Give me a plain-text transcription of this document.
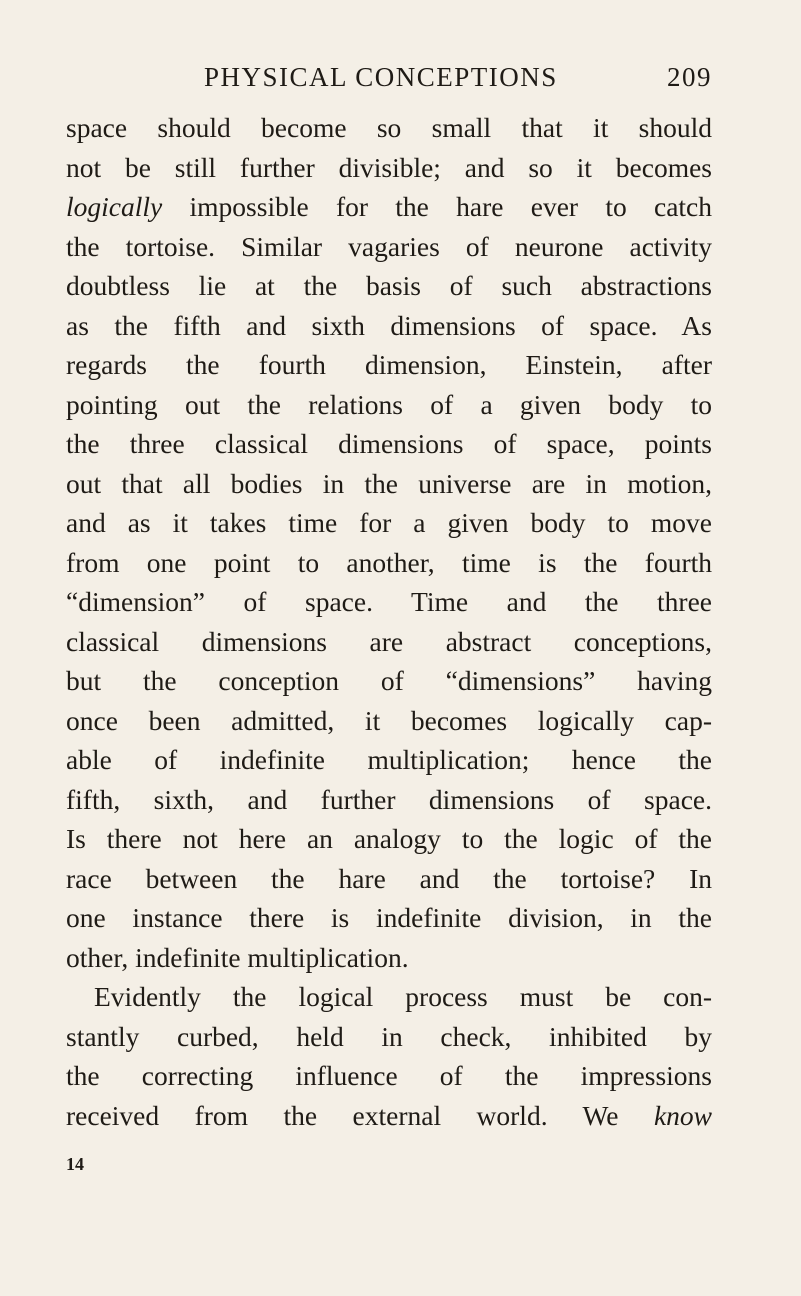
PHYSICAL CONCEPTIONS	209
space should become so small that it should
not be still further divisible; and so it becomes
logically impossible for the hare ever to catch
the tortoise. Similar vagaries of neurone activity
doubtless lie at the basis of such abstractions
as the fifth and sixth dimensions of space. As
regards the fourth dimension, Einstein, after
pointing out the relations of a given body to
the three classical dimensions of space, points
out that all bodies in the universe are in motion,
and as it takes time for a given body to move
from one point to another, time is the fourth
“dimension” of space. Time and the three
classical dimensions are abstract conceptions,
but the conception of “dimensions” having
once been admitted, it becomes logically cap-
able of indefinite multiplication; hence the
fifth, sixth, and further dimensions of space.
Is there not here an analogy to the logic of the
race between the hare and the tortoise? In
one instance there is indefinite division, in the
other, indefinite multiplication.
Evidently the logical process must be con-
stantly curbed, held in check, inhibited by
the correcting influence of the impressions
received from the external world. We know
14
